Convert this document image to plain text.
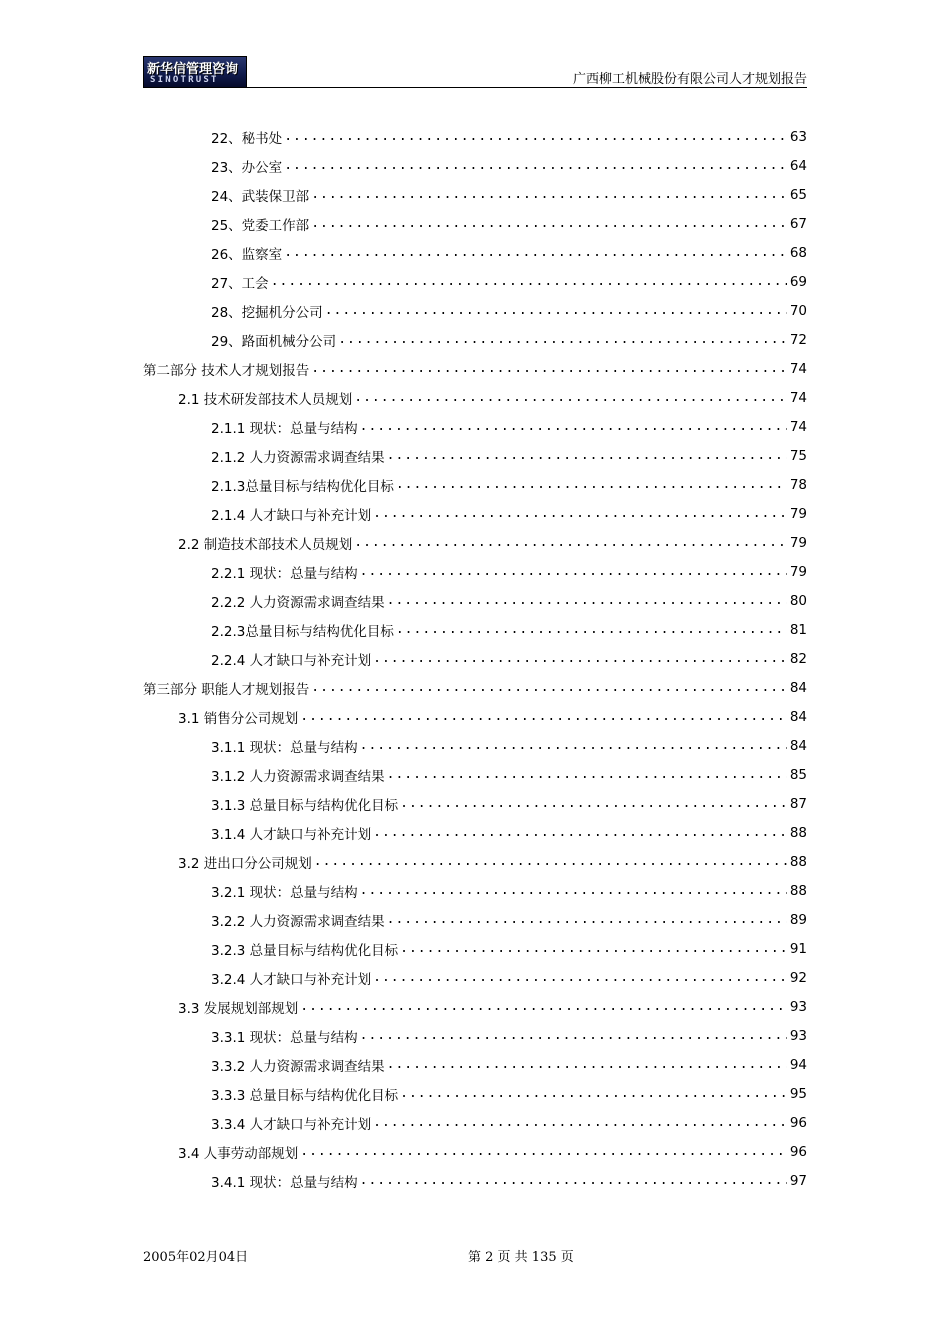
新华信管理咨询
SINOTRUST	广西柳工机械股份有限公司人才规划报告
22、秘书处 .....	63
23、办公室 .....	64
24、武装保卫部 .....	65
25、党委工作部 .....	67
26、监察室 .....	68
27、工会 .....	69
28、挖掘机分公司 .....	70
29、路面机械分公司 .....	72
第二部分 技术人才规划报告 .....	74
2.1 技术研发部技术人员规划 .....	74
2.1.1 现状：总量与结构 .....	74
2.1.2 人力资源需求调查结果 .....	75
2.1.3总量目标与结构优化目标 .....	78
2.1.4 人才缺口与补充计划 .....	79
2.2 制造技术部技术人员规划 .....	79
2.2.1 现状：总量与结构 .....	79
2.2.2 人力资源需求调查结果 .....	80
2.2.3总量目标与结构优化目标 .....	81
2.2.4 人才缺口与补充计划 .....	82
第三部分 职能人才规划报告 .....	84
3.1 销售分公司规划 .....	84
3.1.1 现状：总量与结构 .....	84
3.1.2 人力资源需求调查结果 .....	85
3.1.3 总量目标与结构优化目标 .....	87
3.1.4 人才缺口与补充计划 .....	88
3.2 进出口分公司规划 .....	88
3.2.1 现状：总量与结构 .....	88
3.2.2 人力资源需求调查结果 .....	89
3.2.3 总量目标与结构优化目标 .....	91
3.2.4 人才缺口与补充计划 .....	92
3.3 发展规划部规划 .....	93
3.3.1 现状：总量与结构 .....	93
3.3.2 人力资源需求调查结果 .....	94
3.3.3 总量目标与结构优化目标 .....	95
3.3.4 人才缺口与补充计划 .....	96
3.4 人事劳动部规划 .....	96
3.4.1 现状：总量与结构 .....	97
2005年02月04日	第 2 页 共 135 页
